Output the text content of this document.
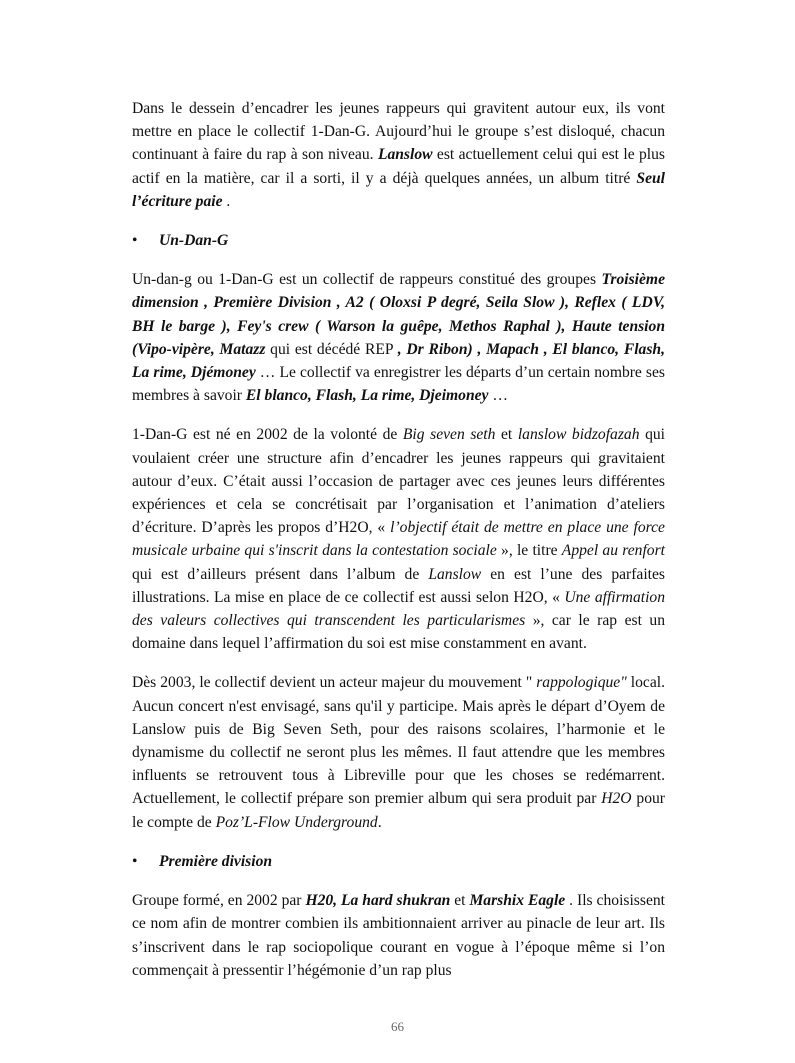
Dans le dessein d’encadrer les jeunes rappeurs qui gravitent autour eux, ils vont mettre en place le collectif 1-Dan-G. Aujourd’hui le groupe s’est disloqué, chacun continuant à faire du rap à son niveau. Lanslow est actuellement celui qui est le plus actif en la matière, car il a sorti, il y a déjà quelques années, un album titré Seul l’écriture paie .

•	Un-Dan-G

Un-dan-g ou 1-Dan-G est un collectif de rappeurs constitué des groupes Troisième dimension , Première Division , A2 ( Oloxsi P degré, Seila Slow ), Reflex ( LDV, BH le barge ), Fey's crew ( Warson la guêpe, Methos Raphal ), Haute tension (Vipo-vipère, Matazz qui est décédé REP , Dr Ribon) , Mapach , El blanco, Flash, La rime, Djémoney … Le collectif va enregistrer les départs d’un certain nombre ses membres à savoir El blanco, Flash, La rime, Djeimoney …

1-Dan-G est né en 2002 de la volonté de Big seven seth et lanslow bidzofazah qui voulaient créer une structure afin d’encadrer les jeunes rappeurs qui gravitaient autour d’eux. C’était aussi l’occasion de partager avec ces jeunes leurs différentes expériences et cela se concrétisait par l’organisation et l’animation d’ateliers d’écriture. D’après les propos d’H2O, « l’objectif était de mettre en place une force musicale urbaine qui s'inscrit dans la contestation sociale », le titre Appel au renfort qui est d’ailleurs présent dans l’album de Lanslow en est l’une des parfaites illustrations. La mise en place de ce collectif est aussi selon H2O, « Une affirmation des valeurs collectives qui transcendent les particularismes », car le rap est un domaine dans lequel l’affirmation du soi est mise constamment en avant.

Dès 2003, le collectif devient un acteur majeur du mouvement " rappologique" local. Aucun concert n'est envisagé, sans qu'il y participe. Mais après le départ d’Oyem de Lanslow puis de Big Seven Seth, pour des raisons scolaires, l’harmonie et le dynamisme du collectif ne seront plus les mêmes. Il faut attendre que les membres influents se retrouvent tous à Libreville pour que les choses se redémarrent. Actuellement, le collectif prépare son premier album qui sera produit par H2O pour le compte de Poz’L-Flow Underground.

•	Première division

Groupe formé, en 2002 par H20, La hard shukran et Marshix Eagle . Ils choisissent ce nom afin de montrer combien ils ambitionnaient arriver au pinacle de leur art. Ils s’inscrivent dans le rap sociopolique courant en vogue à l’époque même si l’on commençait à pressentir l’hégémonie d’un rap plus

66
